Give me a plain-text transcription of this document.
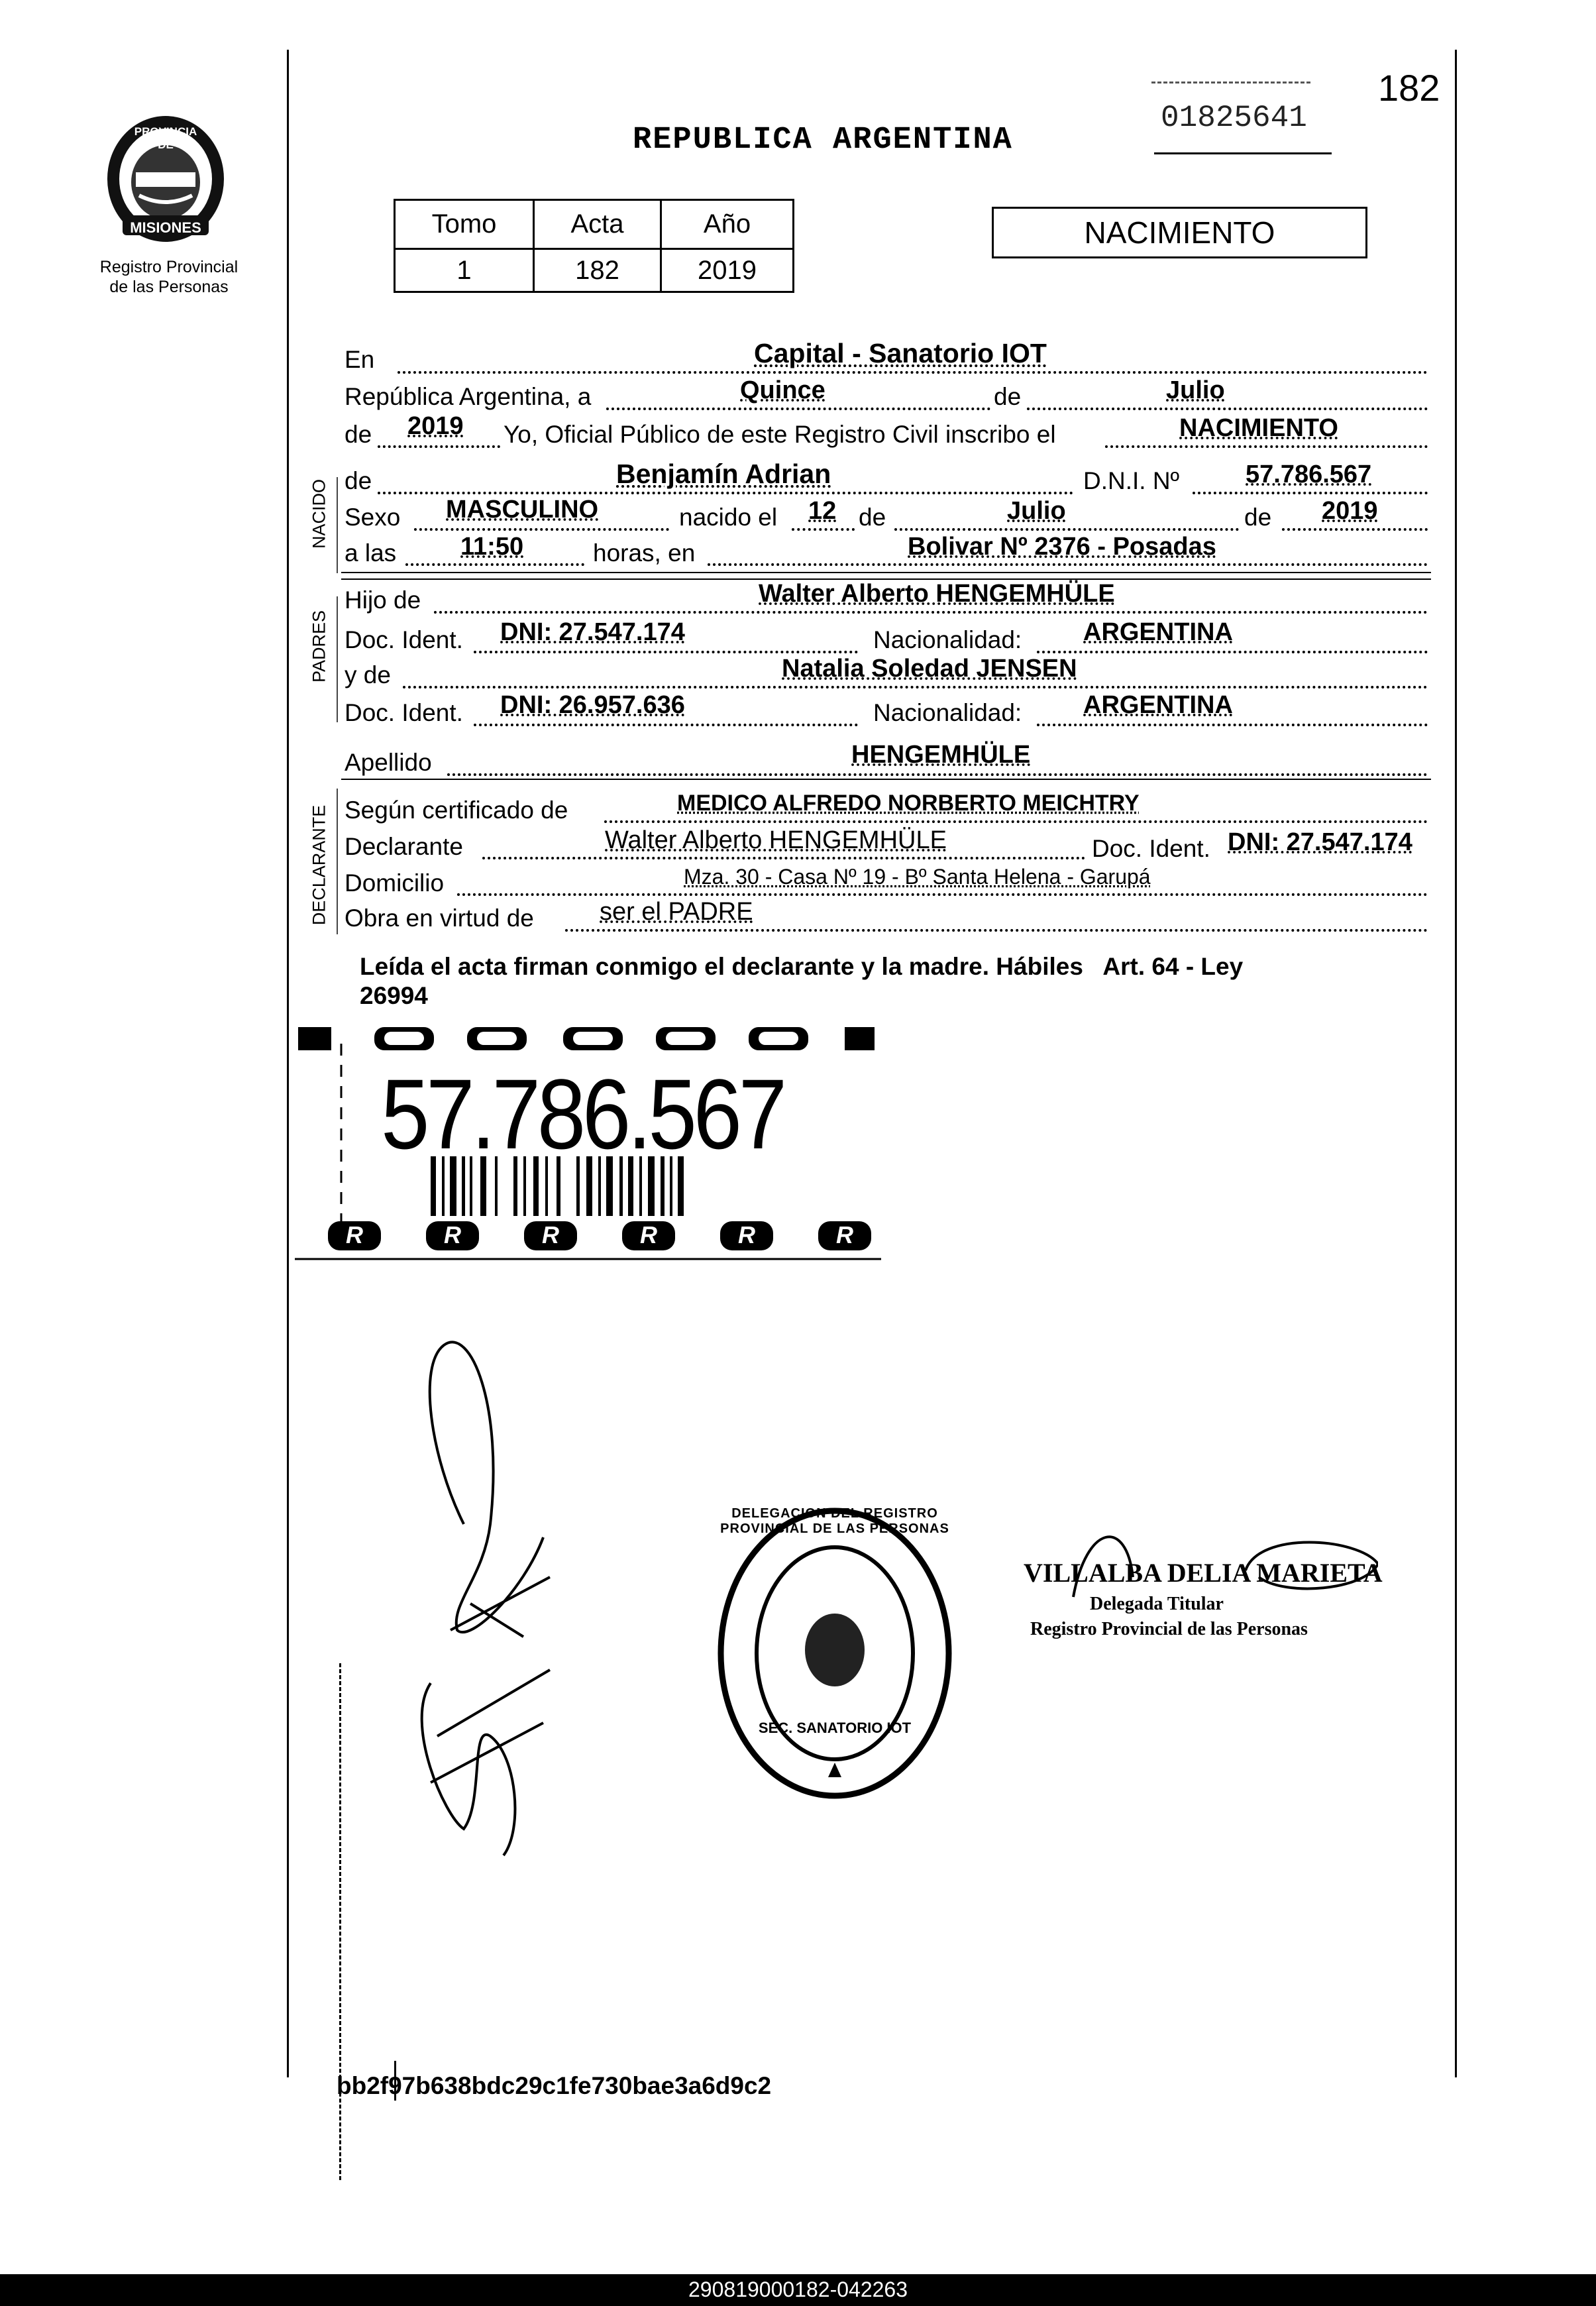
PROVINCIA DE
MISIONES
Registro Provincial
de las Personas
REPUBLICA ARGENTINA
01825641
182
Tomo	Acta	Año
1	182	2019
NACIMIENTO
En	Capital - Sanatorio IOT
República Argentina, a	Quince	de	Julio
de 2019 Yo, Oficial Público de este Registro Civil inscribo el	NACIMIENTO
NACIDO de	Benjamín Adrian	D.N.I. Nº	57.786.567
Sexo MASCULINO	nacido el 12 de	Julio	de 2019
a las	11:50	horas, en	Bolivar Nº 2376 - Posadas
PADRES
Hijo de	Walter Alberto HENGEMHÜLE
Doc. Ident. DNI: 27.547.174	Nacionalidad: ARGENTINA
y de	Natalia Soledad JENSEN
Doc. Ident. DNI: 26.957.636	Nacionalidad: ARGENTINA
Apellido	HENGEMHÜLE
DECLARANTE Según certificado de	MEDICO ALFREDO NORBERTO MEICHTRY
Declarante	Walter Alberto HENGEMHÜLE	Doc. Ident. DNI: 27.547.174
Domicilio	Mza. 30 - Casa Nº 19 - Bº Santa Helena - Garupá
Obra en virtud de	ser el PADRE
Leída el acta firman conmigo el declarante y la madre. Hábiles   Art. 64 - Ley
26994
57.786.567
R	R	R	R	R	R
DELEGACION DEL REGISTRO PROVINCIAL DE LAS PERSONAS
SEC. SANATORIO IOT
VILLALBA DELIA MARIETA
Delegada Titular
Registro Provincial de las Personas
bb2f97b638bdc29c1fe730bae3a6d9c2
290819000182-042263
